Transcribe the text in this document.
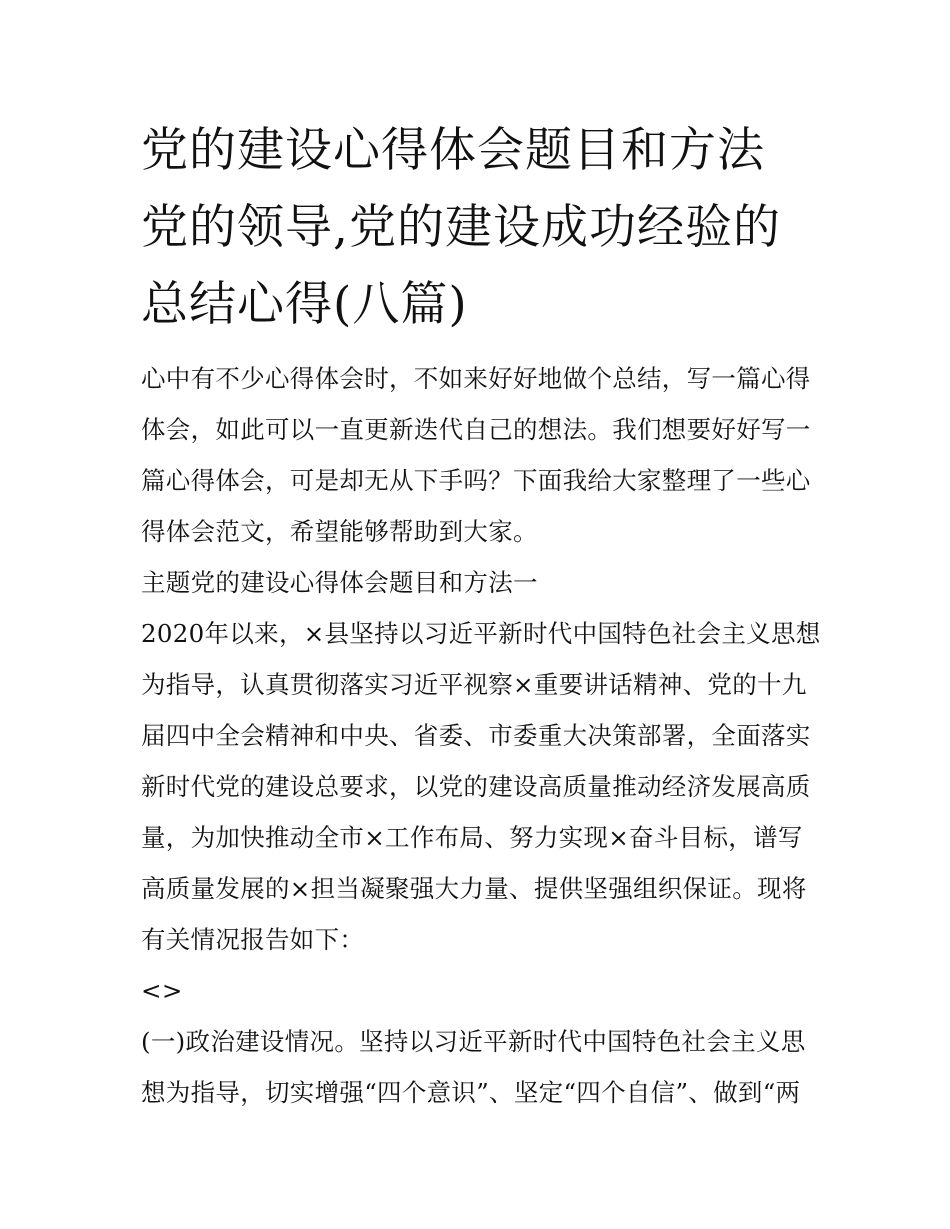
党的建设心得体会题目和方法
党的领导,党的建设成功经验的
总结心得(八篇)

心中有不少心得体会时，不如来好好地做个总结，写一篇心得
体会，如此可以一直更新迭代自己的想法。我们想要好好写一
篇心得体会，可是却无从下手吗？下面我给大家整理了一些心
得体会范文，希望能够帮助到大家。

主题党的建设心得体会题目和方法一

2020年以来，×县坚持以习近平新时代中国特色社会主义思想
为指导，认真贯彻落实习近平视察×重要讲话精神、党的十九
届四中全会精神和中央、省委、市委重大决策部署，全面落实
新时代党的建设总要求，以党的建设高质量推动经济发展高质
量，为加快推动全市×工作布局、努力实现×奋斗目标，谱写
高质量发展的×担当凝聚强大力量、提供坚强组织保证。现将
有关情况报告如下：

<>

(一)政治建设情况。坚持以习近平新时代中国特色社会主义思
想为指导，切实增强“四个意识”、坚定“四个自信”、做到“两
